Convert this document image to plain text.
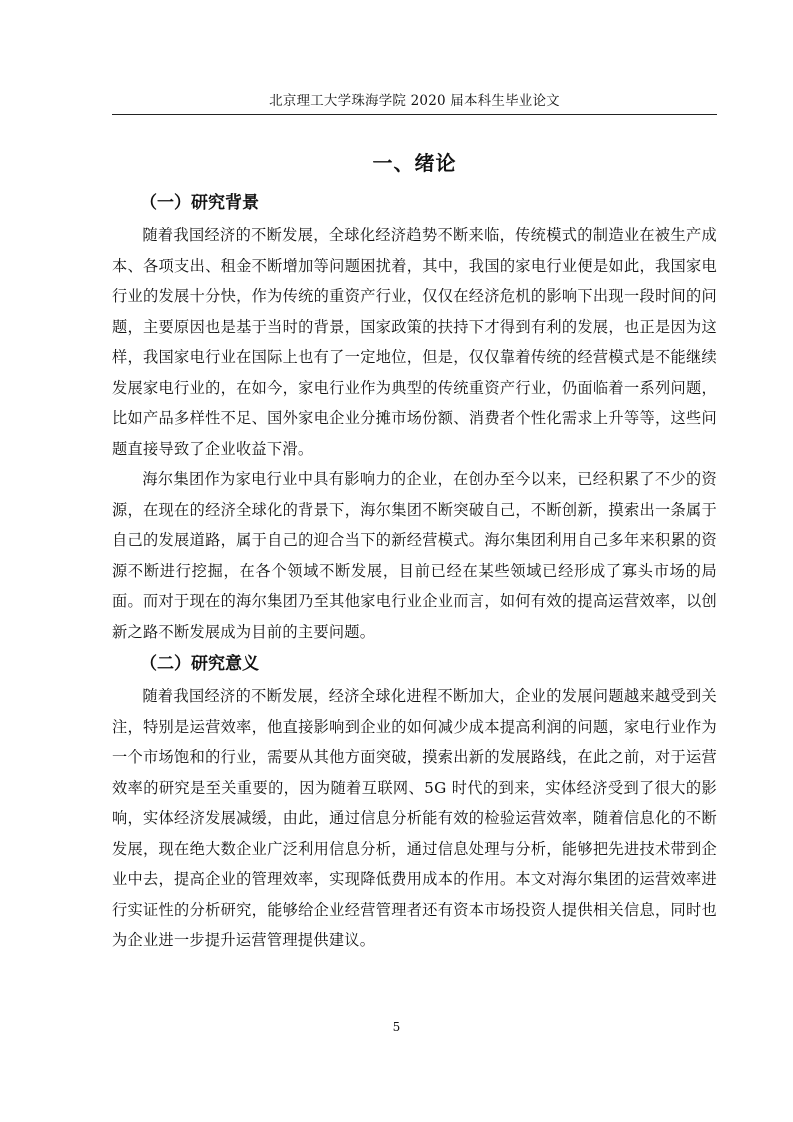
北京理工大学珠海学院 2020 届本科生毕业论文
一、绪论
（一）研究背景

随着我国经济的不断发展，全球化经济趋势不断来临，传统模式的制造业在被生产成本、各项支出、租金不断增加等问题困扰着，其中，我国的家电行业便是如此，我国家电行业的发展十分快，作为传统的重资产行业，仅仅在经济危机的影响下出现一段时间的问题，主要原因也是基于当时的背景，国家政策的扶持下才得到有利的发展，也正是因为这样，我国家电行业在国际上也有了一定地位，但是，仅仅靠着传统的经营模式是不能继续发展家电行业的，在如今，家电行业作为典型的传统重资产行业，仍面临着一系列问题，比如产品多样性不足、国外家电企业分摊市场份额、消费者个性化需求上升等等，这些问题直接导致了企业收益下滑。

海尔集团作为家电行业中具有影响力的企业，在创办至今以来，已经积累了不少的资源，在现在的经济全球化的背景下，海尔集团不断突破自己，不断创新，摸索出一条属于自己的发展道路，属于自己的迎合当下的新经营模式。海尔集团利用自己多年来积累的资源不断进行挖掘，在各个领域不断发展，目前已经在某些领域已经形成了寡头市场的局面。而对于现在的海尔集团乃至其他家电行业企业而言，如何有效的提高运营效率，以创新之路不断发展成为目前的主要问题。

（二）研究意义

随着我国经济的不断发展，经济全球化进程不断加大，企业的发展问题越来越受到关注，特别是运营效率，他直接影响到企业的如何减少成本提高利润的问题，家电行业作为一个市场饱和的行业，需要从其他方面突破，摸索出新的发展路线，在此之前，对于运营效率的研究是至关重要的，因为随着互联网、5G 时代的到来，实体经济受到了很大的影响，实体经济发展减缓，由此，通过信息分析能有效的检验运营效率，随着信息化的不断发展，现在绝大数企业广泛利用信息分析，通过信息处理与分析，能够把先进技术带到企业中去，提高企业的管理效率，实现降低费用成本的作用。本文对海尔集团的运营效率进行实证性的分析研究，能够给企业经营管理者还有资本市场投资人提供相关信息，同时也为企业进一步提升运营管理提供建议。

5
